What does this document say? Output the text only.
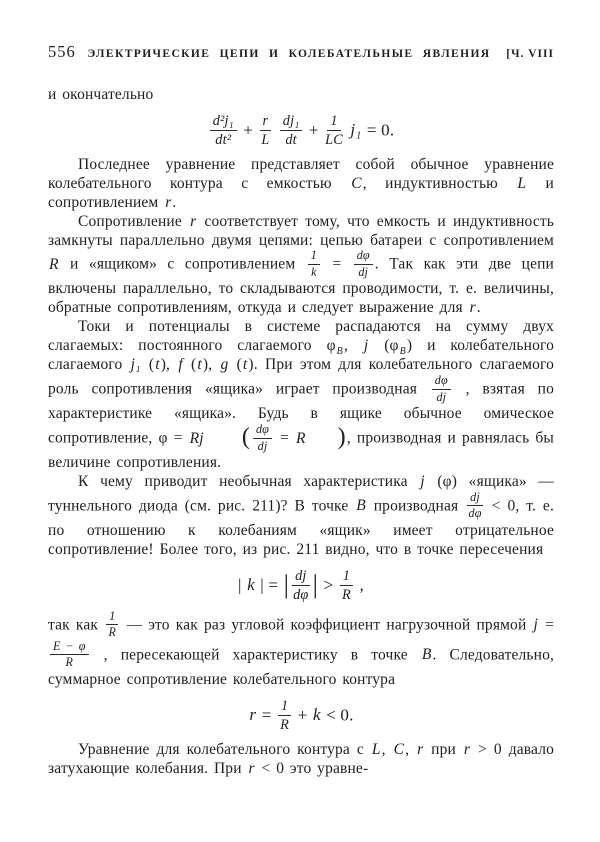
556	ЭЛЕКТРИЧЕСКИЕ ЦЕПИ И КОЛЕБАТЕЛЬНЫЕ ЯВЛЕНИЯ	[Ч. VIII

и окончательно

$\frac{\text{d²j₁}}{\text{dt²}} + \frac{r}{L}$
$\frac{\text{dj₁}}{dt} + \frac{1}{LC} j_1 = 0$.

Последнее уравнение представляет собой обычное уравнение колебательного контура с емкостью C, индуктивностью L и сопротивлением r.

Сопротивление r соответствует тому, что емкость и индуктивность замкнуты параллельно двумя цепями: цепью батареи с сопротивлением R и «ящиком» с сопротивлением $\frac{1}{k} = \frac{d\varphi}{dj}$ . Так как эти две цепи включены параллельно, то складываются проводимости, т. е. величины, обратные сопротивлениям, откуда и следует выражение для r.

Токи и потенциалы в системе распадаются на сумму двух слагаемых: постоянного слагаемого $\varphi_B$, j $(\varphi_B)$ и колебательного слагаемого j₁ (t), f (t), g (t). При этом для колебательного слагаемого роль сопротивления «ящика» играет производная $\frac{d\varphi}{dj}$ , взятая по характеристике «ящика». Будь в ящике обычное омическое сопротивление, φ = Rj ( $\frac{d\varphi}{dj} = R$ ), производная и равнялась бы величине сопротивления.

К чему приводит необычная характеристика j (φ) «ящика» — туннельного диода (см. рис. 211)? В точке B производная $\frac{dj}{d\varphi} < 0$, т. е. по отношению к колебаниям «ящик» имеет отрицательное сопротивление! Более того, из рис. 211 видно, что в точке пересечения

| k | = | $\frac{dj}{d\varphi}$ | > $\frac{1}{R}$ ,

так как $\frac{1}{R}$ — это как раз угловой коэффициент нагрузочной прямой j =
$\frac{E - \varphi}{R}$ , пересекающей характеристику в точке B. Следовательно, суммарное сопротивление колебательного контура

$r = \frac{1}{R} + k < 0$.

Уравнение для колебательного контура с L, C, r при r > 0 давало затухающие колебания. При r < 0 это уравне-
